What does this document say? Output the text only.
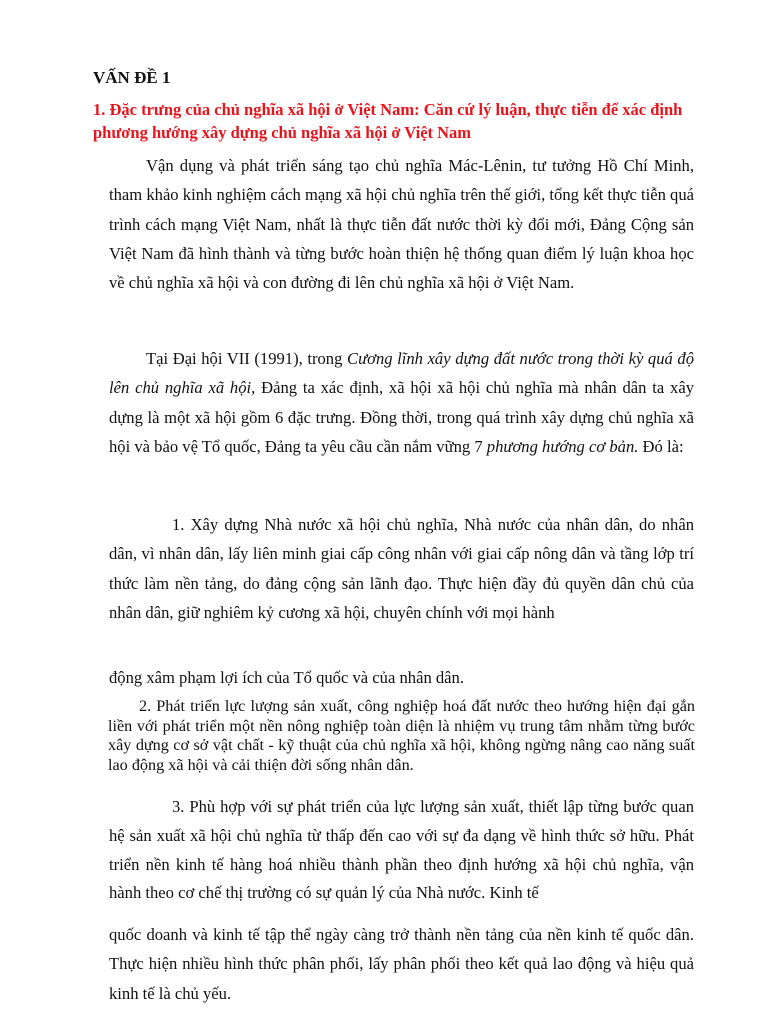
VẤN ĐỀ 1
1. Đặc trưng của chủ nghĩa xã hội ở Việt Nam: Căn cứ lý luận, thực tiễn để xác định phương hướng xây dựng chủ nghĩa xã hội ở Việt Nam

Vận dụng và phát triển sáng tạo chủ nghĩa Mác-Lênin, tư tưởng Hồ Chí Minh, tham khảo kinh nghiệm cách mạng xã hội chủ nghĩa trên thế giới, tổng kết thực tiễn quá trình cách mạng Việt Nam, nhất là thực tiễn đất nước thời kỳ đổi mới, Đảng Cộng sản Việt Nam đã hình thành và từng bước hoàn thiện hệ thống quan điểm lý luận khoa học về chủ nghĩa xã hội và con đường đi lên chủ nghĩa xã hội ở Việt Nam.

Tại Đại hội VII (1991), trong Cương lĩnh xây dựng đất nước trong thời kỳ quá độ lên chủ nghĩa xã hội, Đảng ta xác định, xã hội xã hội chủ nghĩa mà nhân dân ta xây dựng là một xã hội gồm 6 đặc trưng. Đồng thời, trong quá trình xây dựng chủ nghĩa xã hội và bảo vệ Tổ quốc, Đảng ta yêu cầu cần nắm vững 7 phương hướng cơ bản. Đó là:

1. Xây dựng Nhà nước xã hội chủ nghĩa, Nhà nước của nhân dân, do nhân dân, vì nhân dân, lấy liên minh giai cấp công nhân với giai cấp nông dân và tầng lớp trí thức làm nền tảng, do đảng cộng sản lãnh đạo. Thực hiện đầy đủ quyền dân chủ của nhân dân, giữ nghiêm kỷ cương xã hội, chuyên chính với mọi hành

động xâm phạm lợi ích của Tổ quốc và của nhân dân.

2. Phát triển lực lượng sản xuất, công nghiệp hoá đất nước theo hướng hiện đại gắn liền với phát triển một nền nông nghiệp toàn diện là nhiệm vụ trung tâm nhằm từng bước xây dựng cơ sở vật chất - kỹ thuật của chủ nghĩa xã hội, không ngừng nâng cao năng suất lao động xã hội và cải thiện đời sống nhân dân.

3. Phù hợp với sự phát triển của lực lượng sản xuất, thiết lập từng bước quan hệ sản xuất xã hội chủ nghĩa từ thấp đến cao với sự đa dạng về hình thức sở hữu. Phát triển nền kinh tế hàng hoá nhiều thành phần theo định hướng xã hội chủ nghĩa, vận hành theo cơ chế thị trường có sự quản lý của Nhà nước. Kinh tế

quốc doanh và kinh tế tập thể ngày càng trở thành nền tảng của nền kinh tế quốc dân. Thực hiện nhiều hình thức phân phối, lấy phân phối theo kết quả lao động và hiệu quả kinh tế là chủ yếu.
